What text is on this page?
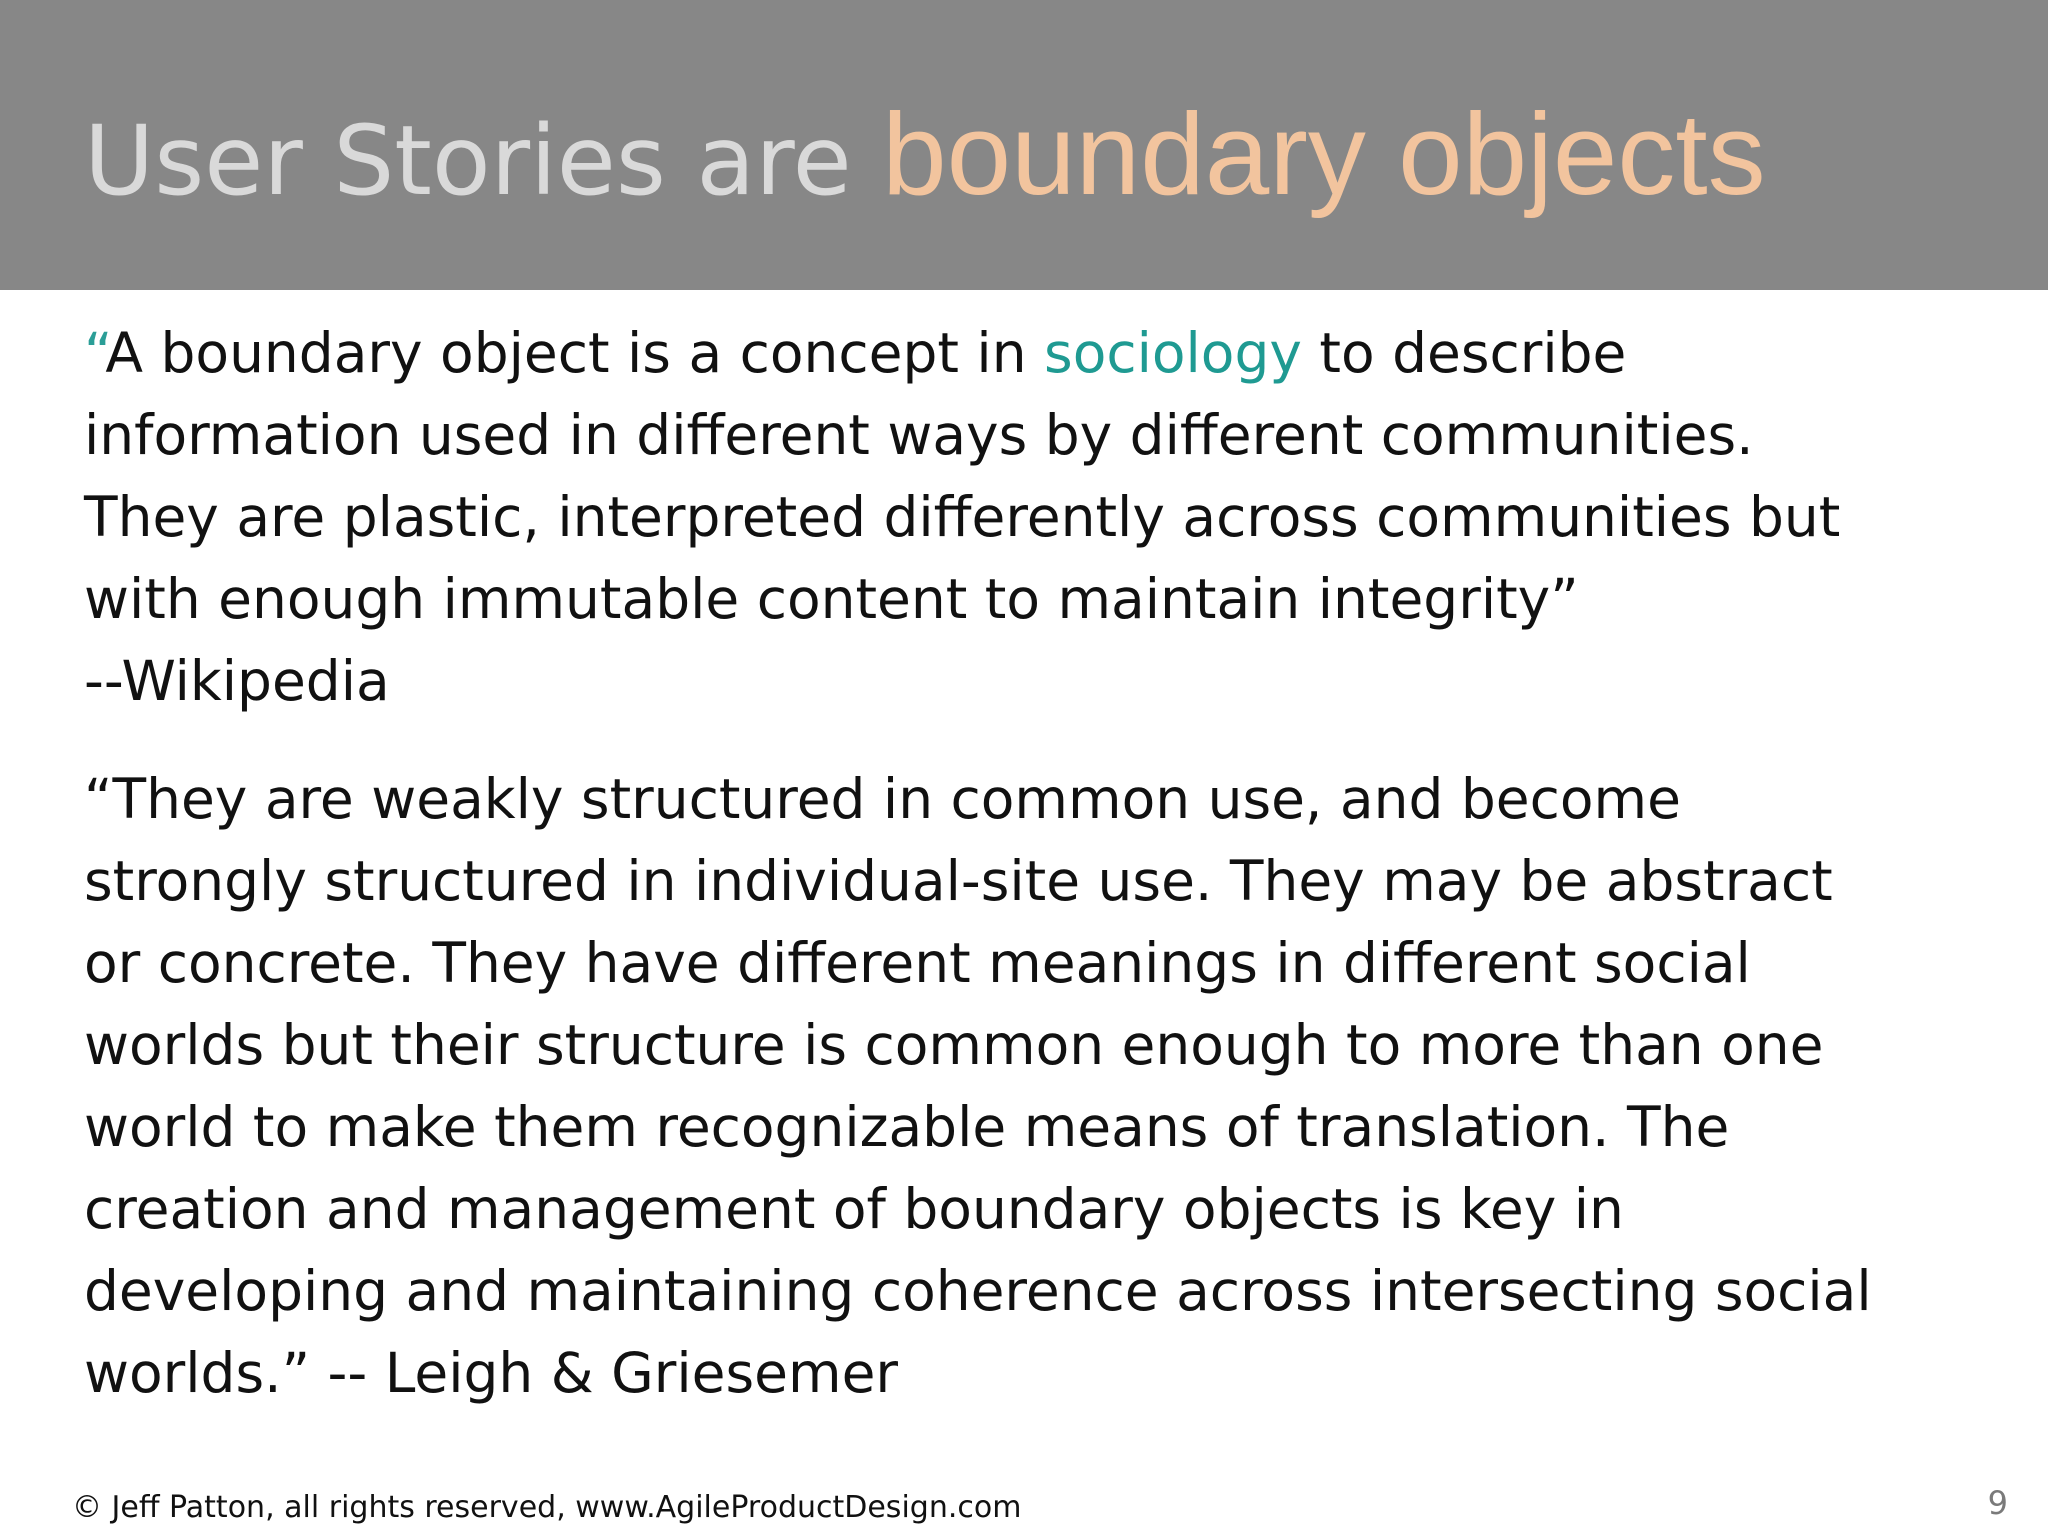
User Stories are boundary objects

“A boundary object is a concept in sociology to describe
information used in different ways by different communities.
They are plastic, interpreted differently across communities but
with enough immutable content to maintain integrity”
--Wikipedia

“They are weakly structured in common use, and become
strongly structured in individual-site use. They may be abstract
or concrete. They have different meanings in different social
worlds but their structure is common enough to more than one
world to make them recognizable means of translation. The
creation and management of boundary objects is key in
developing and maintaining coherence across intersecting social
worlds.” -- Leigh & Griesemer

© Jeff Patton, all rights reserved, www.AgileProductDesign.com	9
